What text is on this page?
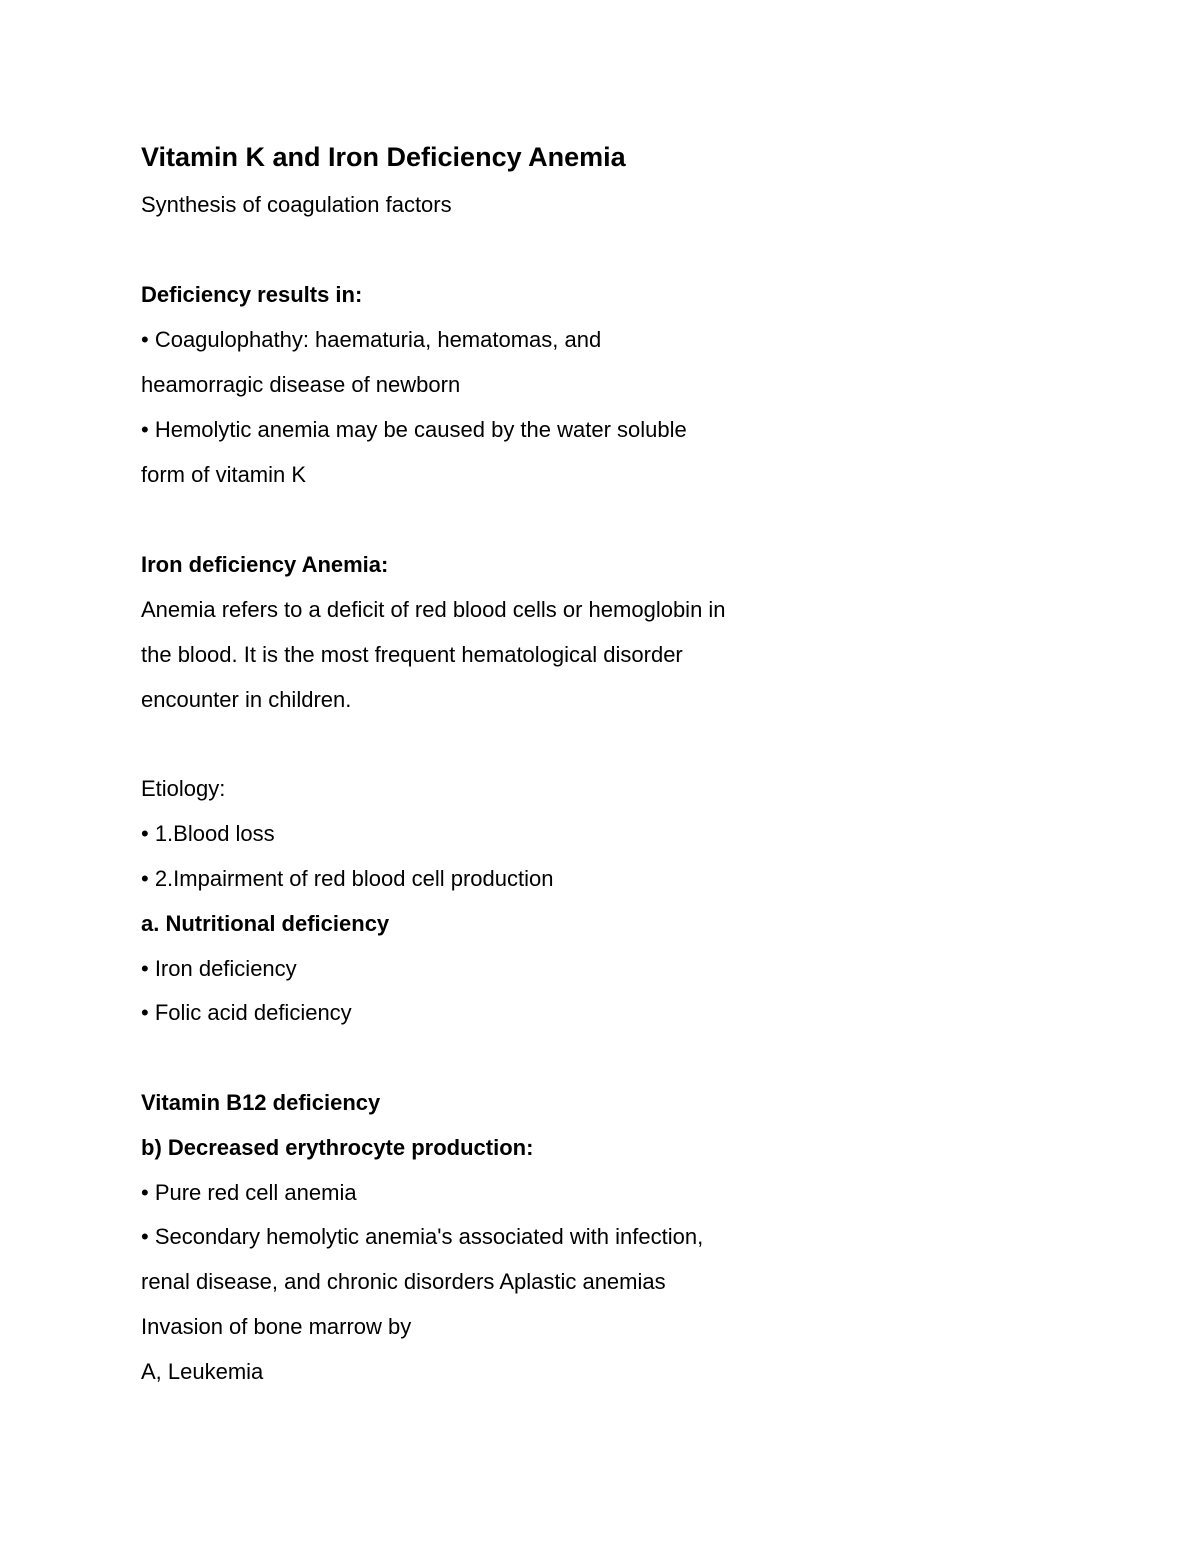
Vitamin K and Iron Deficiency Anemia

Synthesis of coagulation factors

Deficiency results in:

• Coagulophathy: haematuria, hematomas, and

heamorragic disease of newborn

• Hemolytic anemia may be caused by the water soluble

form of vitamin K

Iron deficiency Anemia:

Anemia refers to a deficit of red blood cells or hemoglobin in

the blood. It is the most frequent hematological disorder

encounter in children.

Etiology:

• 1.Blood loss

• 2.Impairment of red blood cell production

a. Nutritional deficiency

• Iron deficiency

• Folic acid deficiency

Vitamin B12 deficiency

b) Decreased erythrocyte production:

• Pure red cell anemia

• Secondary hemolytic anemia's associated with infection,

renal disease, and chronic disorders Aplastic anemias

Invasion of bone marrow by

A, Leukemia
